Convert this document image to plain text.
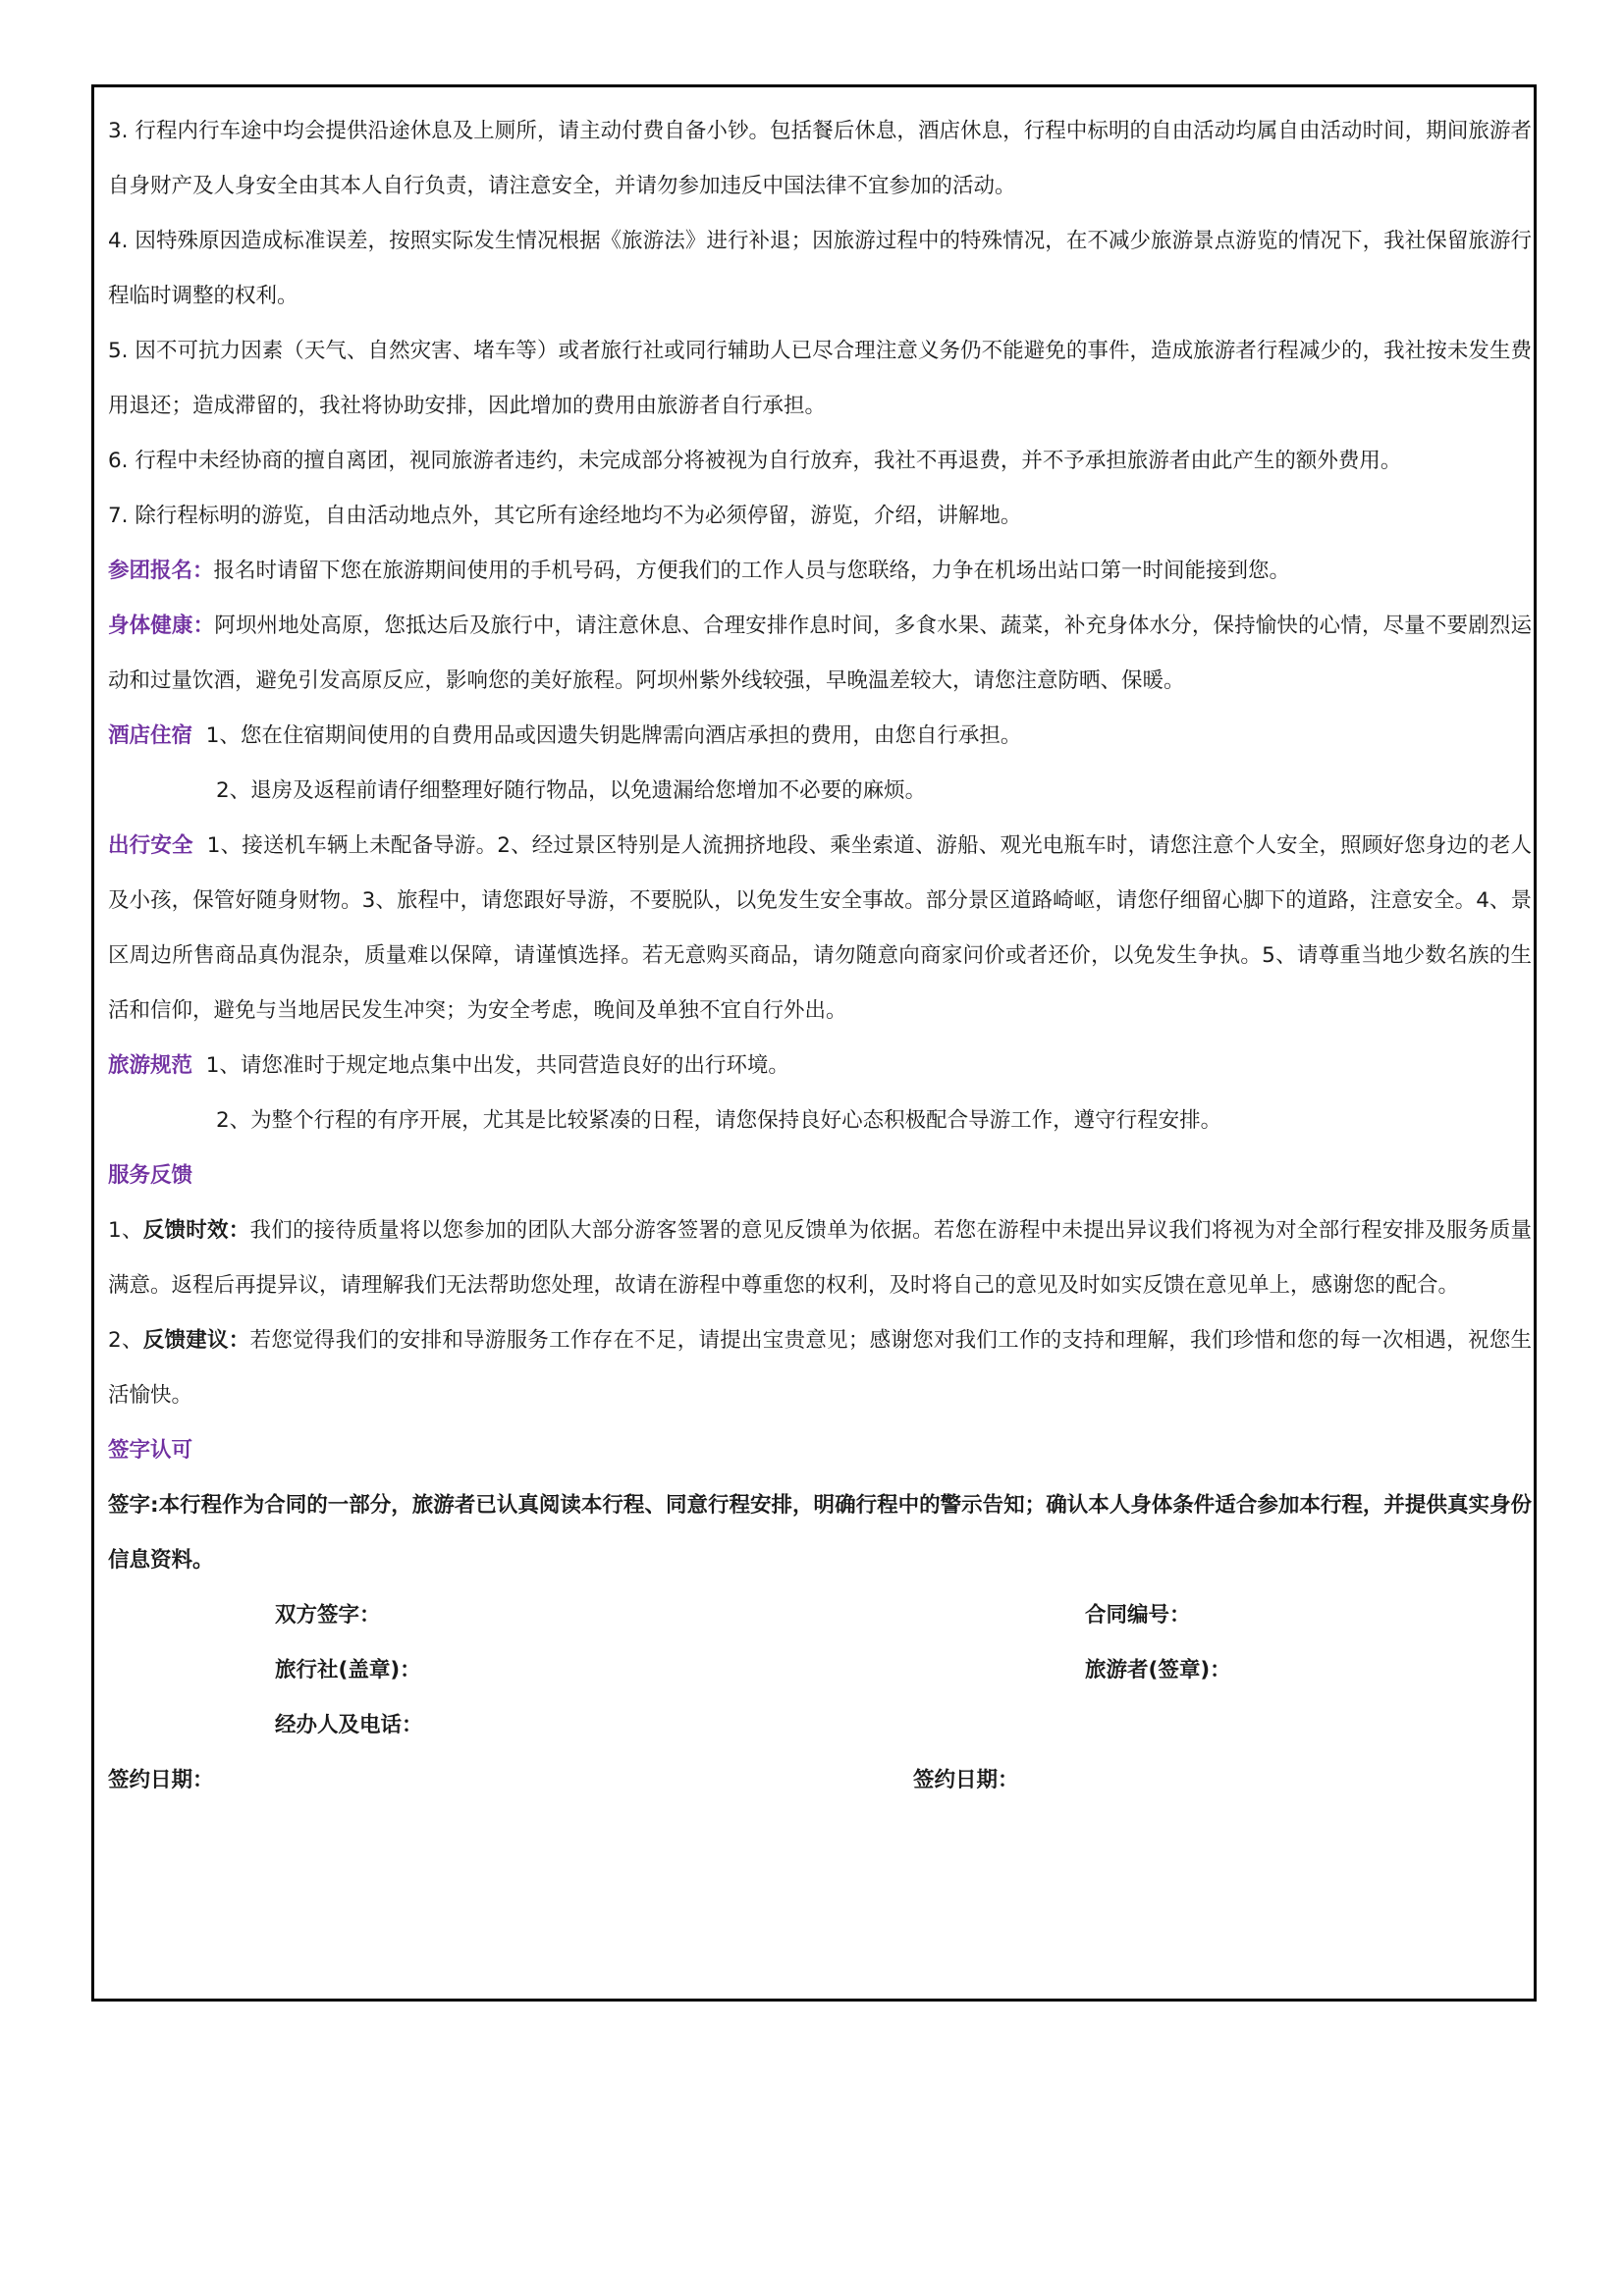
3. 行程内行车途中均会提供沿途休息及上厕所，请主动付费自备小钞。包括餐后休息，酒店休息，行程中标明的自由活动均属自由活动时间，期间旅游者自身财产及人身安全由其本人自行负责，请注意安全，并请勿参加违反中国法律不宜参加的活动。

4. 因特殊原因造成标准误差，按照实际发生情况根据《旅游法》进行补退；因旅游过程中的特殊情况，在不减少旅游景点游览的情况下，我社保留旅游行程临时调整的权利。

5. 因不可抗力因素（天气、自然灾害、堵车等）或者旅行社或同行辅助人已尽合理注意义务仍不能避免的事件，造成旅游者行程减少的，我社按未发生费用退还；造成滞留的，我社将协助安排，因此增加的费用由旅游者自行承担。

6. 行程中未经协商的擅自离团，视同旅游者违约，未完成部分将被视为自行放弃，我社不再退费，并不予承担旅游者由此产生的额外费用。

7. 除行程标明的游览，自由活动地点外，其它所有途经地均不为必须停留，游览，介绍，讲解地。

参团报名：报名时请留下您在旅游期间使用的手机号码，方便我们的工作人员与您联络，力争在机场出站口第一时间能接到您。

身体健康：阿坝州地处高原，您抵达后及旅行中，请注意休息、合理安排作息时间，多食水果、蔬菜，补充身体水分，保持愉快的心情，尽量不要剧烈运动和过量饮酒，避免引发高原反应，影响您的美好旅程。阿坝州紫外线较强，早晚温差较大，请您注意防晒、保暖。

酒店住宿 1、您在住宿期间使用的自费用品或因遗失钥匙牌需向酒店承担的费用，由您自行承担。

2、退房及返程前请仔细整理好随行物品，以免遗漏给您增加不必要的麻烦。

出行安全 1、接送机车辆上未配备导游。2、经过景区特别是人流拥挤地段、乘坐索道、游船、观光电瓶车时，请您注意个人安全，照顾好您身边的老人及小孩，保管好随身财物。3、旅程中，请您跟好导游，不要脱队，以免发生安全事故。部分景区道路崎岖，请您仔细留心脚下的道路，注意安全。4、景区周边所售商品真伪混杂，质量难以保障，请谨慎选择。若无意购买商品，请勿随意向商家问价或者还价，以免发生争执。5、请尊重当地少数名族的生活和信仰，避免与当地居民发生冲突；为安全考虑，晚间及单独不宜自行外出。

旅游规范 1、请您准时于规定地点集中出发，共同营造良好的出行环境。

2、为整个行程的有序开展，尤其是比较紧凑的日程，请您保持良好心态积极配合导游工作，遵守行程安排。

服务反馈

1、反馈时效：我们的接待质量将以您参加的团队大部分游客签署的意见反馈单为依据。若您在游程中未提出异议我们将视为对全部行程安排及服务质量满意。返程后再提异议，请理解我们无法帮助您处理，故请在游程中尊重您的权利，及时将自己的意见及时如实反馈在意见单上，感谢您的配合。

2、反馈建议：若您觉得我们的安排和导游服务工作存在不足，请提出宝贵意见；感谢您对我们工作的支持和理解，我们珍惜和您的每一次相遇，祝您生活愉快。

签字认可

签字:本行程作为合同的一部分，旅游者已认真阅读本行程、同意行程安排，明确行程中的警示告知；确认本人身体条件适合参加本行程，并提供真实身份信息资料。

双方签字：	合同编号：
旅行社(盖章)：	旅游者(签章)：
经办人及电话：
签约日期：	签约日期：
